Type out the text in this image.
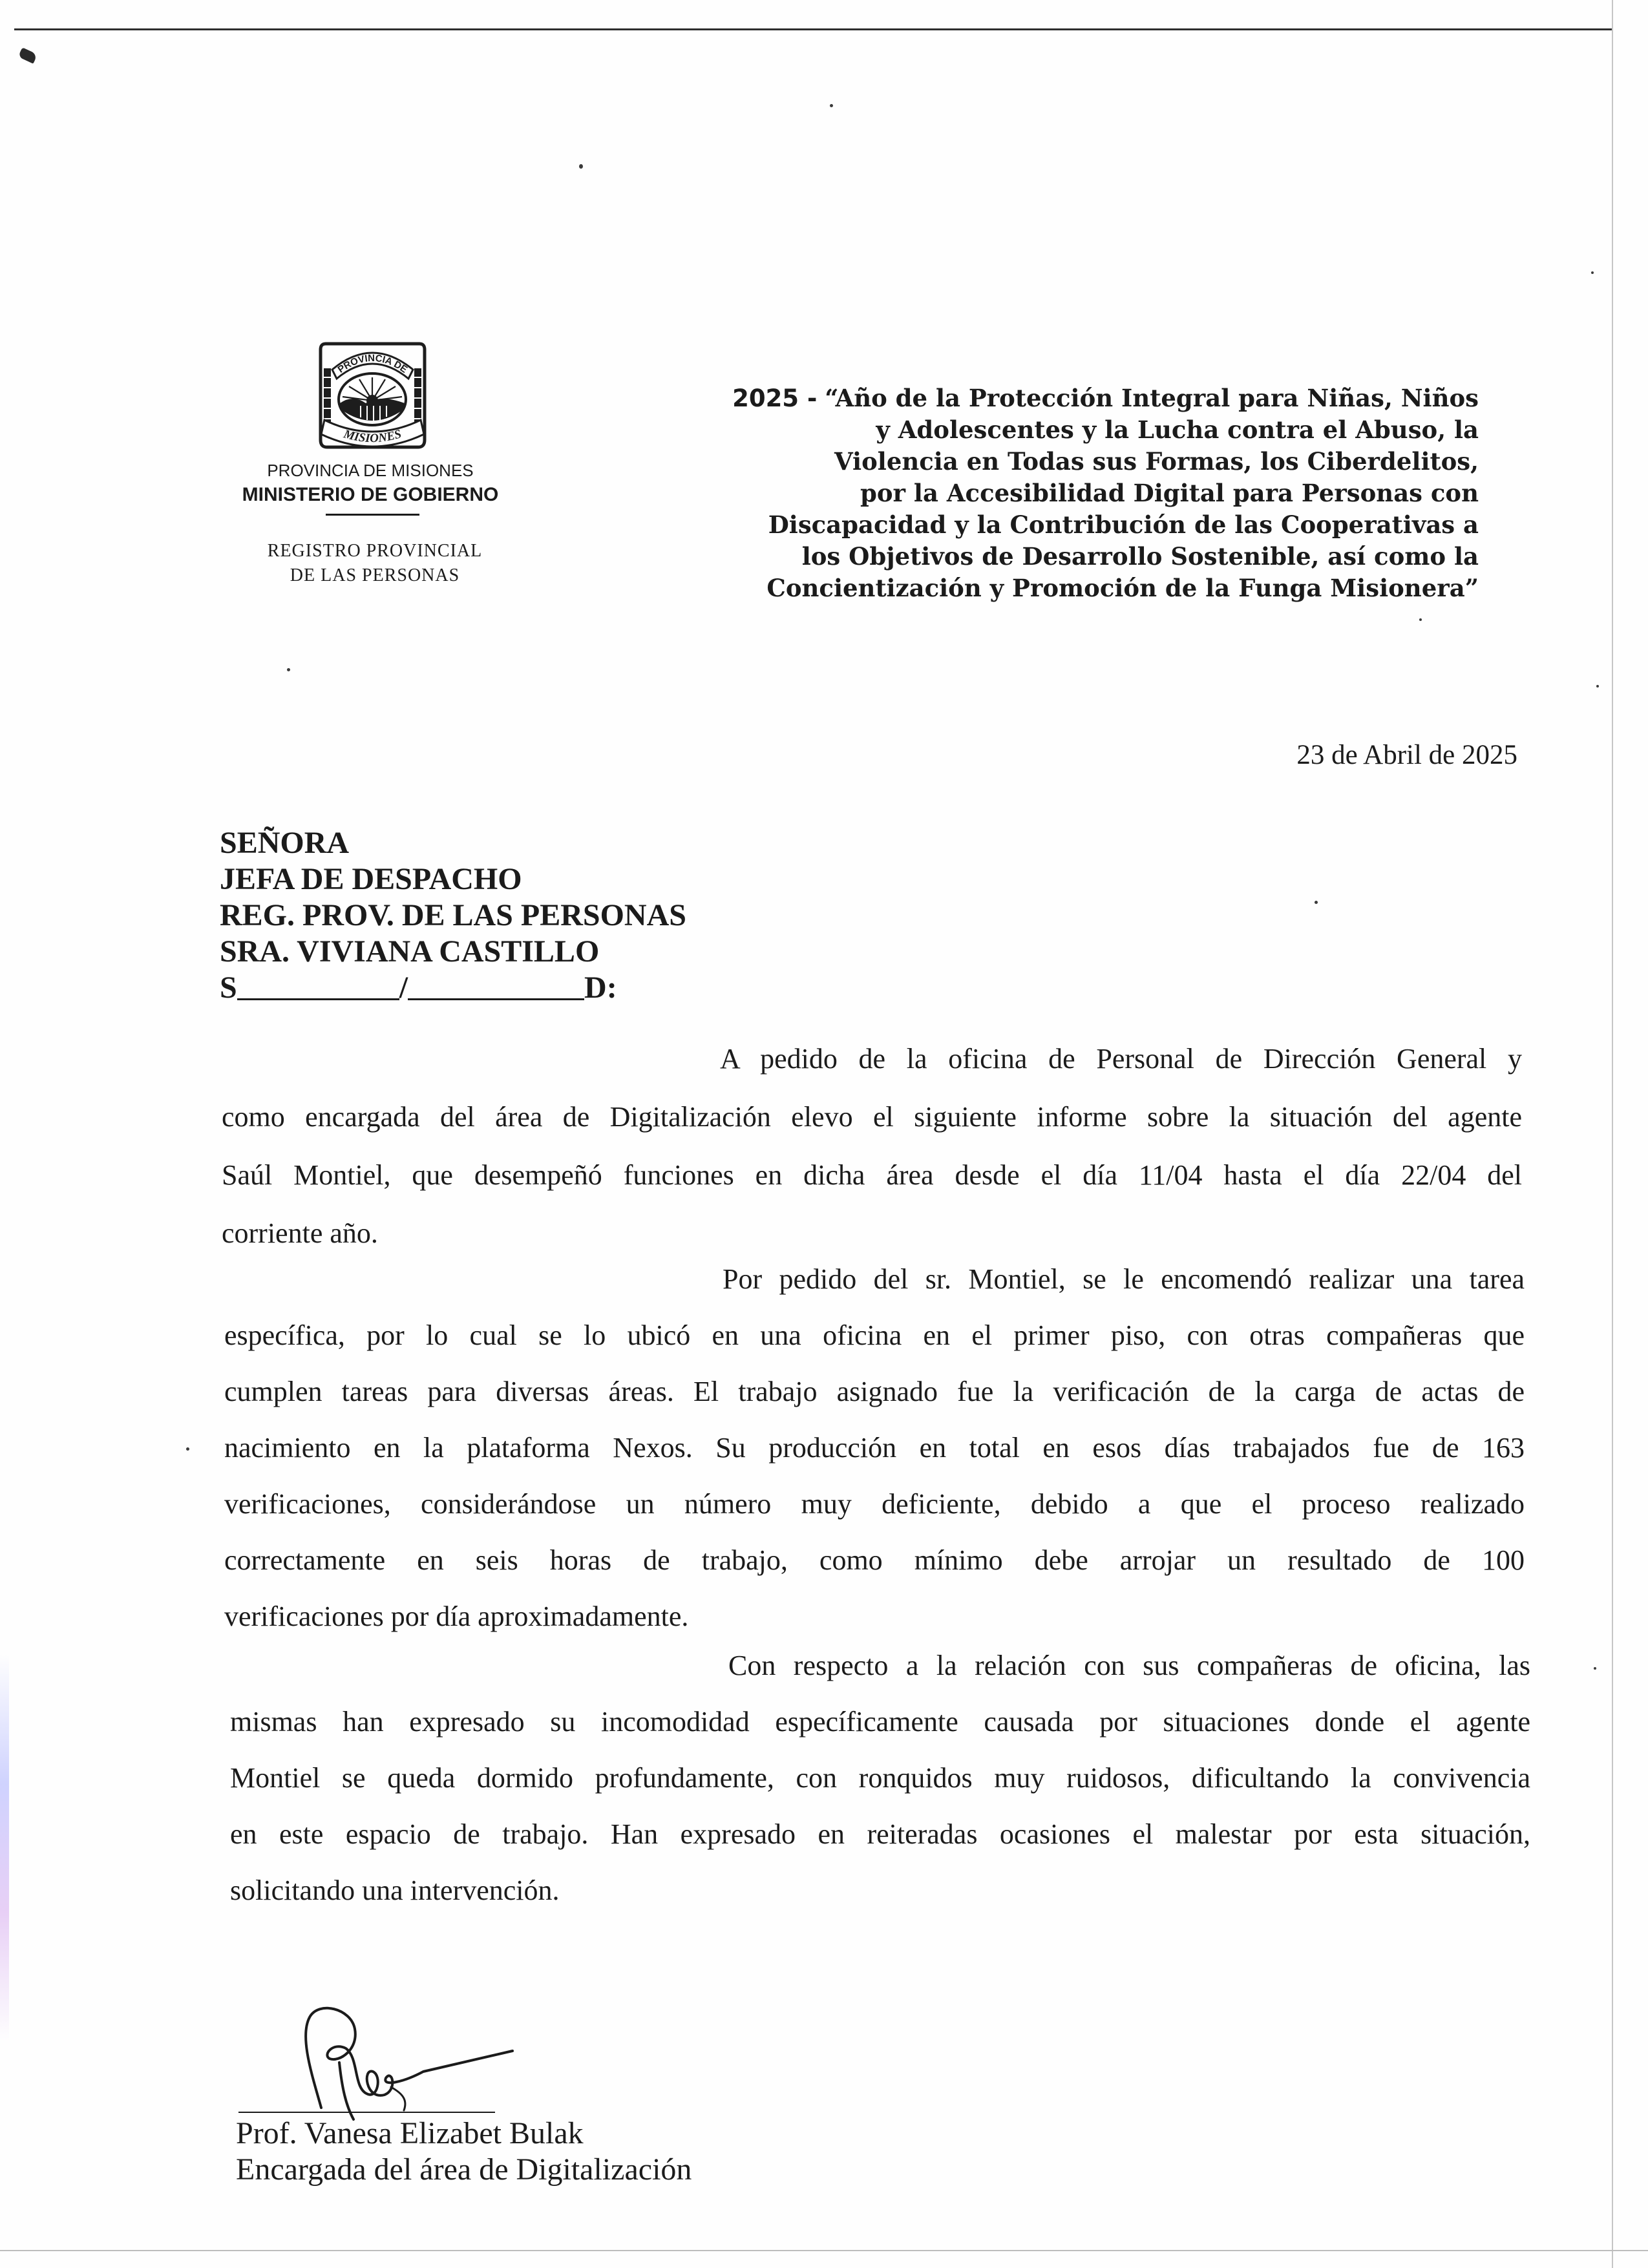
PROVINCIA DE
MISIONES
PROVINCIA DE MISIONES
MINISTERIO DE GOBIERNO
REGISTRO PROVINCIAL
DE LAS PERSONAS
2025 - “Año de la Protección Integral para Niñas, Niños
y Adolescentes y la Lucha contra el Abuso, la
Violencia en Todas sus Formas, los Ciberdelitos,
por la Accesibilidad Digital para Personas con
Discapacidad y la Contribución de las Cooperativas a
los Objetivos de Desarrollo Sostenible, así como la
Concientización y Promoción de la Funga Misionera”
23 de Abril de 2025
SEÑORA
JEFA DE DESPACHO
REG. PROV. DE LAS PERSONAS
SRA. VIVIANA CASTILLO
S	/	D:
A pedido de la oficina de Personal de Dirección General y
como encargada del área de Digitalización elevo el siguiente informe sobre la situación del agente
Saúl Montiel, que desempeñó funciones en dicha área desde el día 11/04 hasta el día 22/04 del
corriente año.
Por pedido del sr. Montiel, se le encomendó realizar una tarea
específica, por lo cual se lo ubicó en una oficina en el primer piso, con otras compañeras que
cumplen tareas para diversas áreas. El trabajo asignado fue la verificación de la carga de actas de
nacimiento en la plataforma Nexos. Su producción en total en esos días trabajados fue de 163
verificaciones, considerándose un número muy deficiente, debido a que el proceso realizado
correctamente en seis horas de trabajo, como mínimo debe arrojar un resultado de 100
verificaciones por día aproximadamente.
Con respecto a la relación con sus compañeras de oficina, las
mismas han expresado su incomodidad específicamente causada por situaciones donde el agente
Montiel se queda dormido profundamente, con ronquidos muy ruidosos, dificultando la convivencia
en este espacio de trabajo. Han expresado en reiteradas ocasiones el malestar por esta situación,
solicitando una intervención.
Prof. Vanesa Elizabet Bulak
Encargada del área de Digitalización
